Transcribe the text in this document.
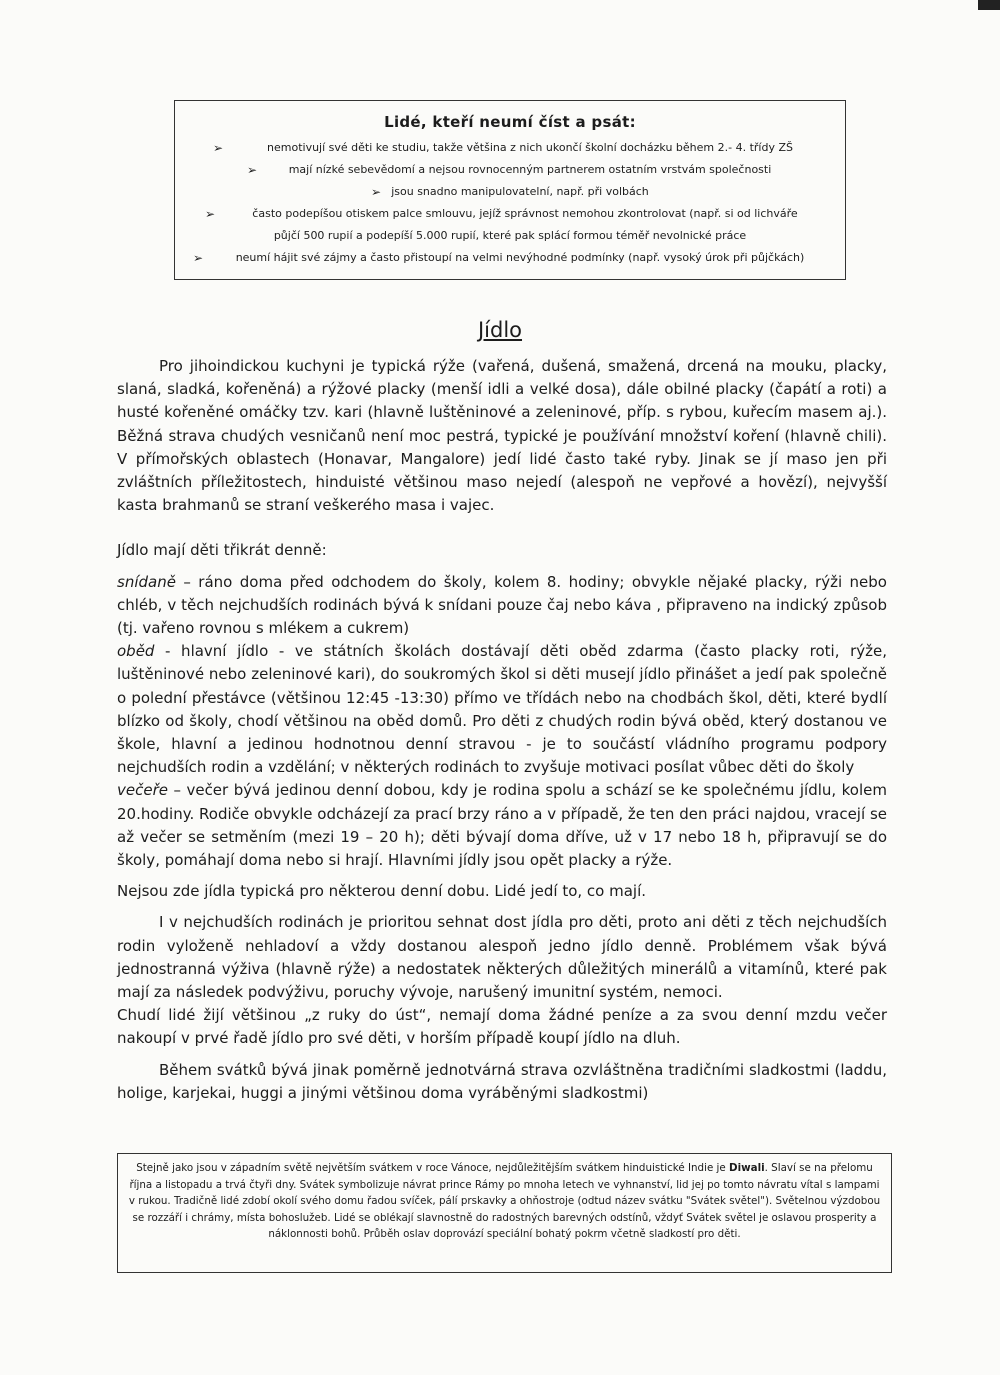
Lidé, kteří neumí číst a psát:
➢	nemotivují své děti ke studiu, takže většina z nich ukončí školní docházku během 2.- 4. třídy ZŠ
➢	mají nízké sebevědomí a nejsou rovnocenným partnerem ostatním vrstvám společnosti
➢ jsou snadno manipulovatelní, např. při volbách
➢	často podepíšou otiskem palce smlouvu, jejíž správnost nemohou zkontrolovat (např. si od lichváře
půjčí 500 rupií a podepíší 5.000 rupií, které pak splácí formou téměř nevolnické práce
➢	neumí hájit své zájmy a často přistoupí na velmi nevýhodné podmínky (např. vysoký úrok při půjčkách)
Jídlo

Pro jihoindickou kuchyni je typická rýže (vařená, dušená, smažená, drcená na mouku, placky, slaná, sladká, kořeněná) a rýžové placky (menší idli a velké dosa), dále obilné placky (čapátí a roti) a husté kořeněné omáčky tzv. kari (hlavně luštěninové a zeleninové, příp. s rybou, kuřecím masem aj.). Běžná strava chudých vesničanů není moc pestrá, typické je používání množství koření (hlavně chili). V přímořských oblastech (Honavar, Mangalore) jedí lidé často také ryby. Jinak se jí maso jen při zvláštních příležitostech, hinduisté většinou maso nejedí (alespoň ne vepřové a hovězí), nejvyšší kasta brahmanů se straní veškerého masa i vajec.

Jídlo mají děti třikrát denně:

snídaně – ráno doma před odchodem do školy, kolem 8. hodiny; obvykle nějaké placky, rýži nebo chléb, v těch nejchudších rodinách bývá k snídani pouze čaj nebo káva , připraveno na indický způsob (tj. vařeno rovnou s mlékem a cukrem)

oběd - hlavní jídlo - ve státních školách dostávají děti oběd zdarma (často placky roti, rýže, luštěninové nebo zeleninové kari), do soukromých škol si děti musejí jídlo přinášet a jedí pak společně o polední přestávce (většinou 12:45 -13:30) přímo ve třídách nebo na chodbách škol, děti, které bydlí blízko od školy, chodí většinou na oběd domů. Pro děti z chudých rodin bývá oběd, který dostanou ve škole, hlavní a jedinou hodnotnou denní stravou - je to součástí vládního programu podpory nejchudších rodin a vzdělání; v některých rodinách to zvyšuje motivaci posílat vůbec děti do školy

večeře – večer bývá jedinou denní dobou, kdy je rodina spolu a schází se ke společnému jídlu, kolem 20.hodiny. Rodiče obvykle odcházejí za prací brzy ráno a v případě, že ten den práci najdou, vracejí se až večer se setměním (mezi 19 – 20 h); děti bývají doma dříve, už v 17 nebo 18 h, připravují se do školy, pomáhají doma nebo si hrají. Hlavními jídly jsou opět placky a rýže.

Nejsou zde jídla typická pro některou denní dobu. Lidé jedí to, co mají.

I v nejchudších rodinách je prioritou sehnat dost jídla pro děti, proto ani děti z těch nejchudších rodin vyloženě nehladoví a vždy dostanou alespoň jedno jídlo denně. Problémem však bývá jednostranná výživa (hlavně rýže) a nedostatek některých důležitých minerálů a vitamínů, které pak mají za následek podvýživu, poruchy vývoje, narušený imunitní systém, nemoci.

Chudí lidé žijí většinou „z ruky do úst“, nemají doma žádné peníze a za svou denní mzdu večer nakoupí v prvé řadě jídlo pro své děti, v horším případě koupí jídlo na dluh.

Během svátků bývá jinak poměrně jednotvárná strava ozvláštněna tradičními sladkostmi (laddu, holige, karjekai, huggi a jinými většinou doma vyráběnými sladkostmi)

Stejně jako jsou v západním světě největším svátkem v roce Vánoce, nejdůležitějším svátkem hinduistické Indie je Diwali. Slaví se na přelomu října a listopadu a trvá čtyři dny. Svátek symbolizuje návrat prince Rámy po mnoha letech ve vyhnanství, lid jej po tomto návratu vítal s lampami v rukou. Tradičně lidé zdobí okolí svého domu řadou svíček, pálí prskavky a ohňostroje (odtud název svátku "Svátek světel"). Světelnou výzdobou se rozzáří i chrámy, místa bohoslužeb. Lidé se oblékají slavnostně do radostných barevných odstínů, vždyť Svátek světel je oslavou prosperity a náklonnosti bohů. Průběh oslav doprovází speciální bohatý pokrm včetně sladkostí pro děti.
